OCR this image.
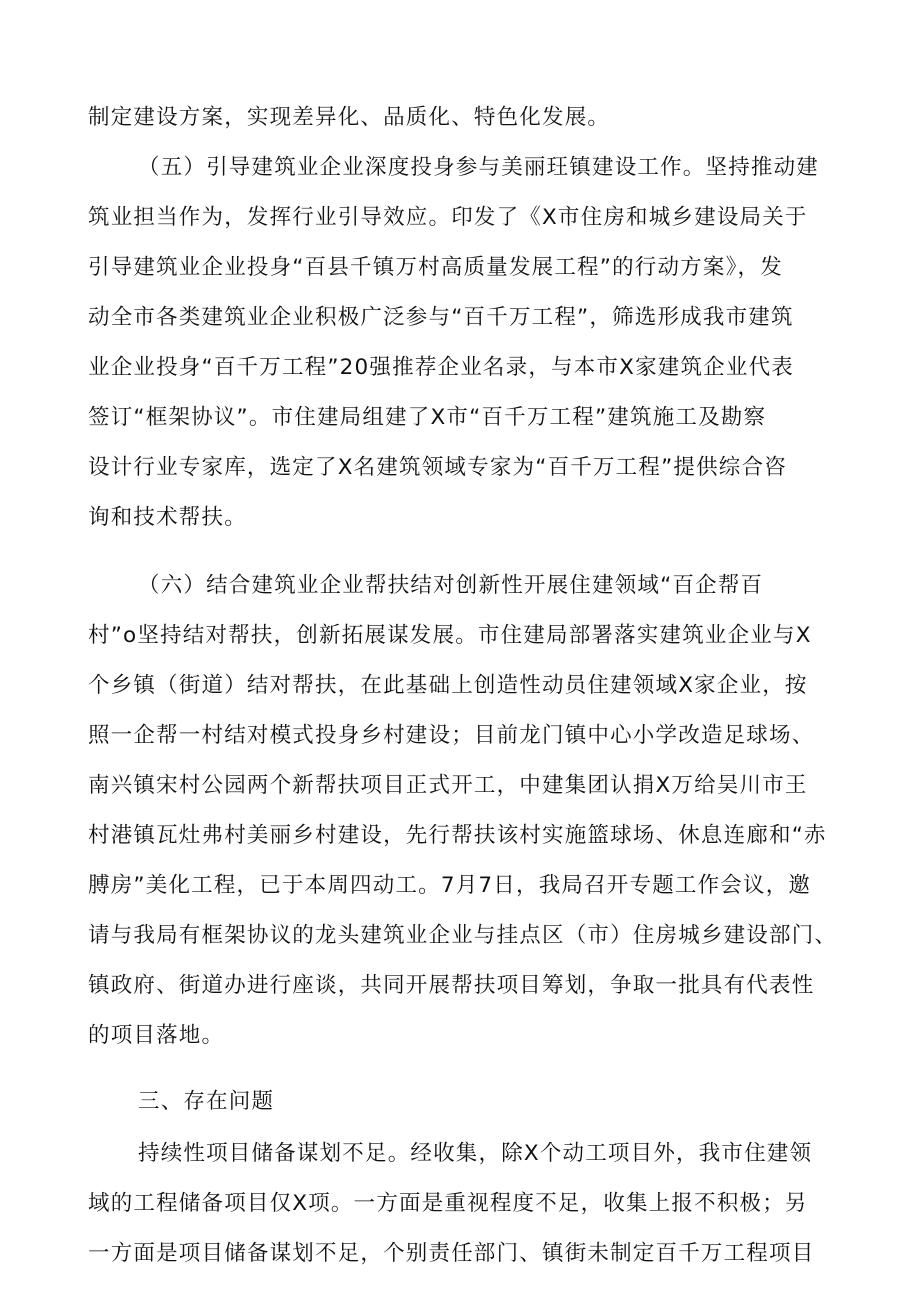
制定建设方案，实现差异化、品质化、特色化发展。
（五）引导建筑业企业深度投身参与美丽玨镇建设工作。坚持推动建
筑业担当作为，发挥行业引导效应。印发了《X市住房和城乡建设局关于
引导建筑业企业投身“百县千镇万村高质量发展工程”的行动方案》，发
动全市各类建筑业企业积极广泛参与“百千万工程”，筛选形成我市建筑
业企业投身“百千万工程”20强推荐企业名录，与本市X家建筑企业代表
签订“框架协议”。市住建局组建了X市“百千万工程”建筑施工及勘察
设计行业专家库，选定了X名建筑领域专家为“百千万工程”提供综合咨
询和技术帮扶。
（六）结合建筑业企业帮扶结对创新性开展住建领域“百企帮百
村”o坚持结对帮扶，创新拓展谋发展。市住建局部署落实建筑业企业与X
个乡镇（街道）结对帮扶，在此基础上创造性动员住建领域X家企业，按
照一企帮一村结对模式投身乡村建设；目前龙门镇中心小学改造足球场、
南兴镇宋村公园两个新帮扶项目正式开工，中建集团认捐X万给吴川市王
村港镇瓦灶弗村美丽乡村建设，先行帮扶该村实施篮球场、休息连廊和“赤
膊房”美化工程，已于本周四动工。7月7日，我局召开专题工作会议，邀
请与我局有框架协议的龙头建筑业企业与挂点区（市）住房城乡建设部门、
镇政府、街道办进行座谈，共同开展帮扶项目筹划，争取一批具有代表性
的项目落地。
三、存在问题
持续性项目储备谋划不足。经收集，除X个动工项目外，我市住建领
域的工程储备项目仅X项。一方面是重视程度不足，收集上报不积极；另
一方面是项目储备谋划不足，个别责任部门、镇街未制定百千万工程项目
